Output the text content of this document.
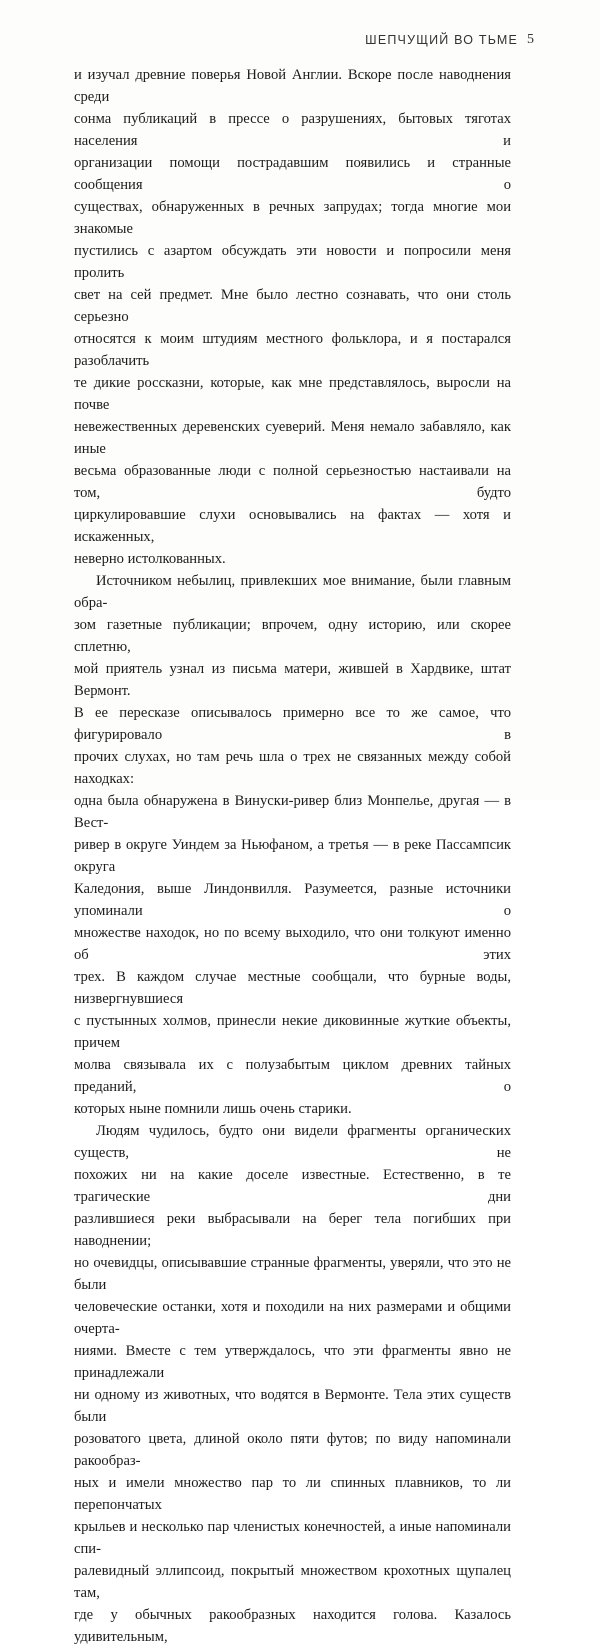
ШЕПЧУЩИЙ ВО ТЬМЕ 5

и изучал древние поверья Новой Англии. Вскоре после наводнения среди

сонма публикаций в прессе о разрушениях, бытовых тяготах населения и

организации помощи пострадавшим появились и странные сообщения о

существах, обнаруженных в речных запрудах; тогда многие мои знакомые

пустились с азартом обсуждать эти новости и попросили меня пролить

свет на сей предмет. Мне было лестно сознавать, что они столь серьезно

относятся к моим штудиям местного фольклора, и я постарался разоблачить

те дикие россказни, которые, как мне представлялось, выросли на почве

невежественных деревенских суеверий. Меня немало забавляло, как иные

весьма образованные люди с полной серьезностью настаивали на том, будто

циркулировавшие слухи основывались на фактах — хотя и искаженных,

неверно истолкованных.

Источником небылиц, привлекших мое внимание, были главным обра-

зом газетные публикации; впрочем, одну историю, или скорее сплетню,

мой приятель узнал из письма матери, жившей в Хардвике, штат Вермонт.

В ее пересказе описывалось примерно все то же самое, что фигурировало в

прочих слухах, но там речь шла о трех не связанных между собой находках:

одна была обнаружена в Винуски-ривер близ Монпелье, другая — в Вест-

ривер в округе Уиндем за Ньюфаном, а третья — в реке Пассампсик округа

Каледония, выше Линдонвилля. Разумеется, разные источники упоминали о

множестве находок, но по всему выходило, что они толкуют именно об этих

трех. В каждом случае местные сообщали, что бурные воды, низвергнувшиеся

с пустынных холмов, принесли некие диковинные жуткие объекты, причем

молва связывала их с полузабытым циклом древних тайных преданий, о

которых ныне помнили лишь очень старики.

Людям чудилось, будто они видели фрагменты органических существ, не

похожих ни на какие доселе известные. Естественно, в те трагические дни

разлившиеся реки выбрасывали на берег тела погибших при наводнении;

но очевидцы, описывавшие странные фрагменты, уверяли, что это не были

человеческие останки, хотя и походили на них размерами и общими очерта-

ниями. Вместе с тем утверждалось, что эти фрагменты явно не принадлежали

ни одному из животных, что водятся в Вермонте. Тела этих существ были

розоватого цвета, длиной около пяти футов; по виду напоминали ракообраз-

ных и имели множество пар то ли спинных плавников, то ли перепончатых

крыльев и несколько пар членистых конечностей, а иные напоминали спи-

ралевидный эллипсоид, покрытый множеством крохотных щупалец там,

где у обычных ракообразных находится голова. Казалось удивительным,
